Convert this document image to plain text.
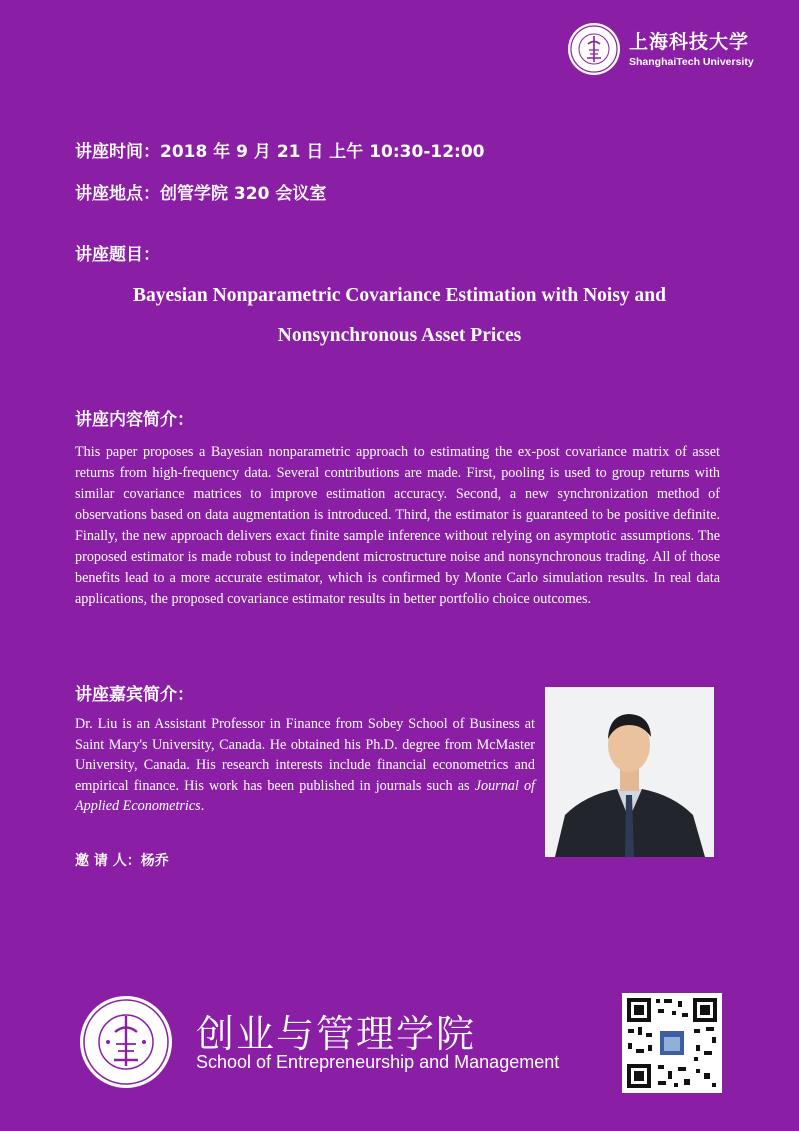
上海科技大学
ShanghaiTech University
讲座时间：2018 年 9 月 21 日 上午 10:30-12:00
讲座地点：创管学院 320 会议室
讲座题目：
Bayesian Nonparametric Covariance Estimation with Noisy and
Nonsynchronous Asset Prices
讲座内容简介：
This paper proposes a Bayesian nonparametric approach to estimating the ex-post covariance matrix of asset returns from high-frequency data. Several contributions are made. First, pooling is used to group returns with similar covariance matrices to improve estimation accuracy. Second, a new synchronization method of observations based on data augmentation is introduced. Third, the estimator is guaranteed to be positive definite. Finally, the new approach delivers exact finite sample inference without relying on asymptotic assumptions. The proposed estimator is made robust to independent microstructure noise and nonsynchronous trading. All of those benefits lead to a more accurate estimator, which is confirmed by Monte Carlo simulation results. In real data applications, the proposed covariance estimator results in better portfolio choice outcomes.
讲座嘉宾简介：
Dr. Liu is an Assistant Professor in Finance from Sobey School of Business at Saint Mary's University, Canada. He obtained his Ph.D. degree from McMaster University, Canada. His research interests include financial econometrics and empirical finance. His work has been published in journals such as Journal of Applied Econometrics.
邀 请 人：杨乔
创业与管理学院
School of Entrepreneurship and Management
